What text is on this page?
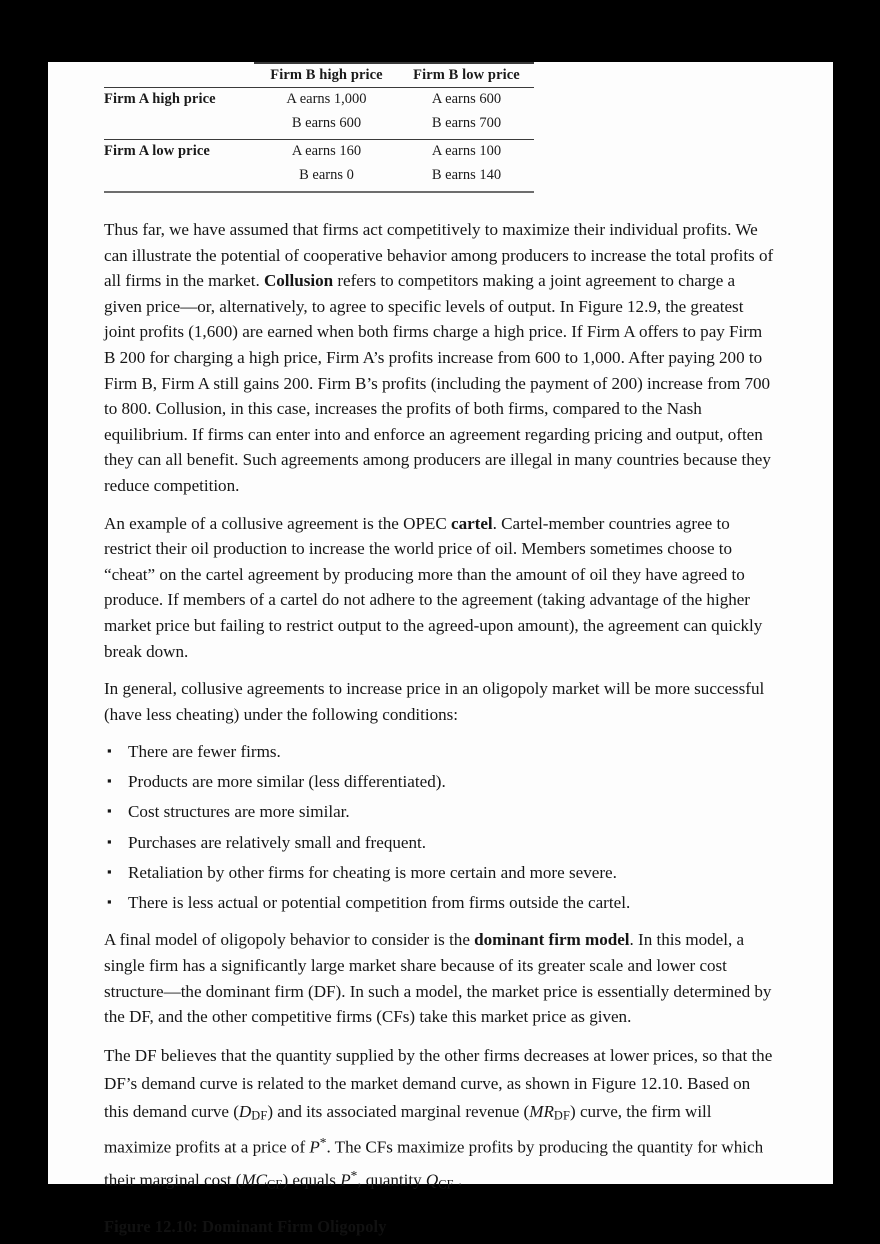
	Firm B high price	Firm B low price
Firm A high price	A earns 1,000	A earns 600
	B earns 600	B earns 700
Firm A low price	A earns 160	A earns 100
	B earns 0	B earns 140

Thus far, we have assumed that firms act competitively to maximize their individual profits. We can illustrate the potential of cooperative behavior among producers to increase the total profits of all firms in the market. Collusion refers to competitors making a joint agreement to charge a given price—or, alternatively, to agree to specific levels of output. In Figure 12.9, the greatest joint profits (1,600) are earned when both firms charge a high price. If Firm A offers to pay Firm B 200 for charging a high price, Firm A’s profits increase from 600 to 1,000. After paying 200 to Firm B, Firm A still gains 200. Firm B’s profits (including the payment of 200) increase from 700 to 800. Collusion, in this case, increases the profits of both firms, compared to the Nash equilibrium. If firms can enter into and enforce an agreement regarding pricing and output, often they can all benefit. Such agreements among producers are illegal in many countries because they reduce competition.

An example of a collusive agreement is the OPEC cartel. Cartel-member countries agree to restrict their oil production to increase the world price of oil. Members sometimes choose to “cheat” on the cartel agreement by producing more than the amount of oil they have agreed to produce. If members of a cartel do not adhere to the agreement (taking advantage of the higher market price but failing to restrict output to the agreed-upon amount), the agreement can quickly break down.

In general, collusive agreements to increase price in an oligopoly market will be more successful (have less cheating) under the following conditions:

▪ There are fewer firms.
▪ Products are more similar (less differentiated).
▪ Cost structures are more similar.
▪ Purchases are relatively small and frequent.
▪ Retaliation by other firms for cheating is more certain and more severe.
▪ There is less actual or potential competition from firms outside the cartel.

A final model of oligopoly behavior to consider is the dominant firm model. In this model, a single firm has a significantly large market share because of its greater scale and lower cost structure—the dominant firm (DF). In such a model, the market price is essentially determined by the DF, and the other competitive firms (CFs) take this market price as given.

The DF believes that the quantity supplied by the other firms decreases at lower prices, so that the DF’s demand curve is related to the market demand curve, as shown in Figure 12.10. Based on this demand curve $(D_{DF})$ and its associated marginal revenue $(MR_{DF})$ curve, the firm will maximize profits at a price of P*. The CFs maximize profits by producing the quantity for which their marginal cost $(MC_{CF})$ equals P*, quantity $Q_{CF}$ .

Figure 12.10: Dominant Firm Oligopoly
